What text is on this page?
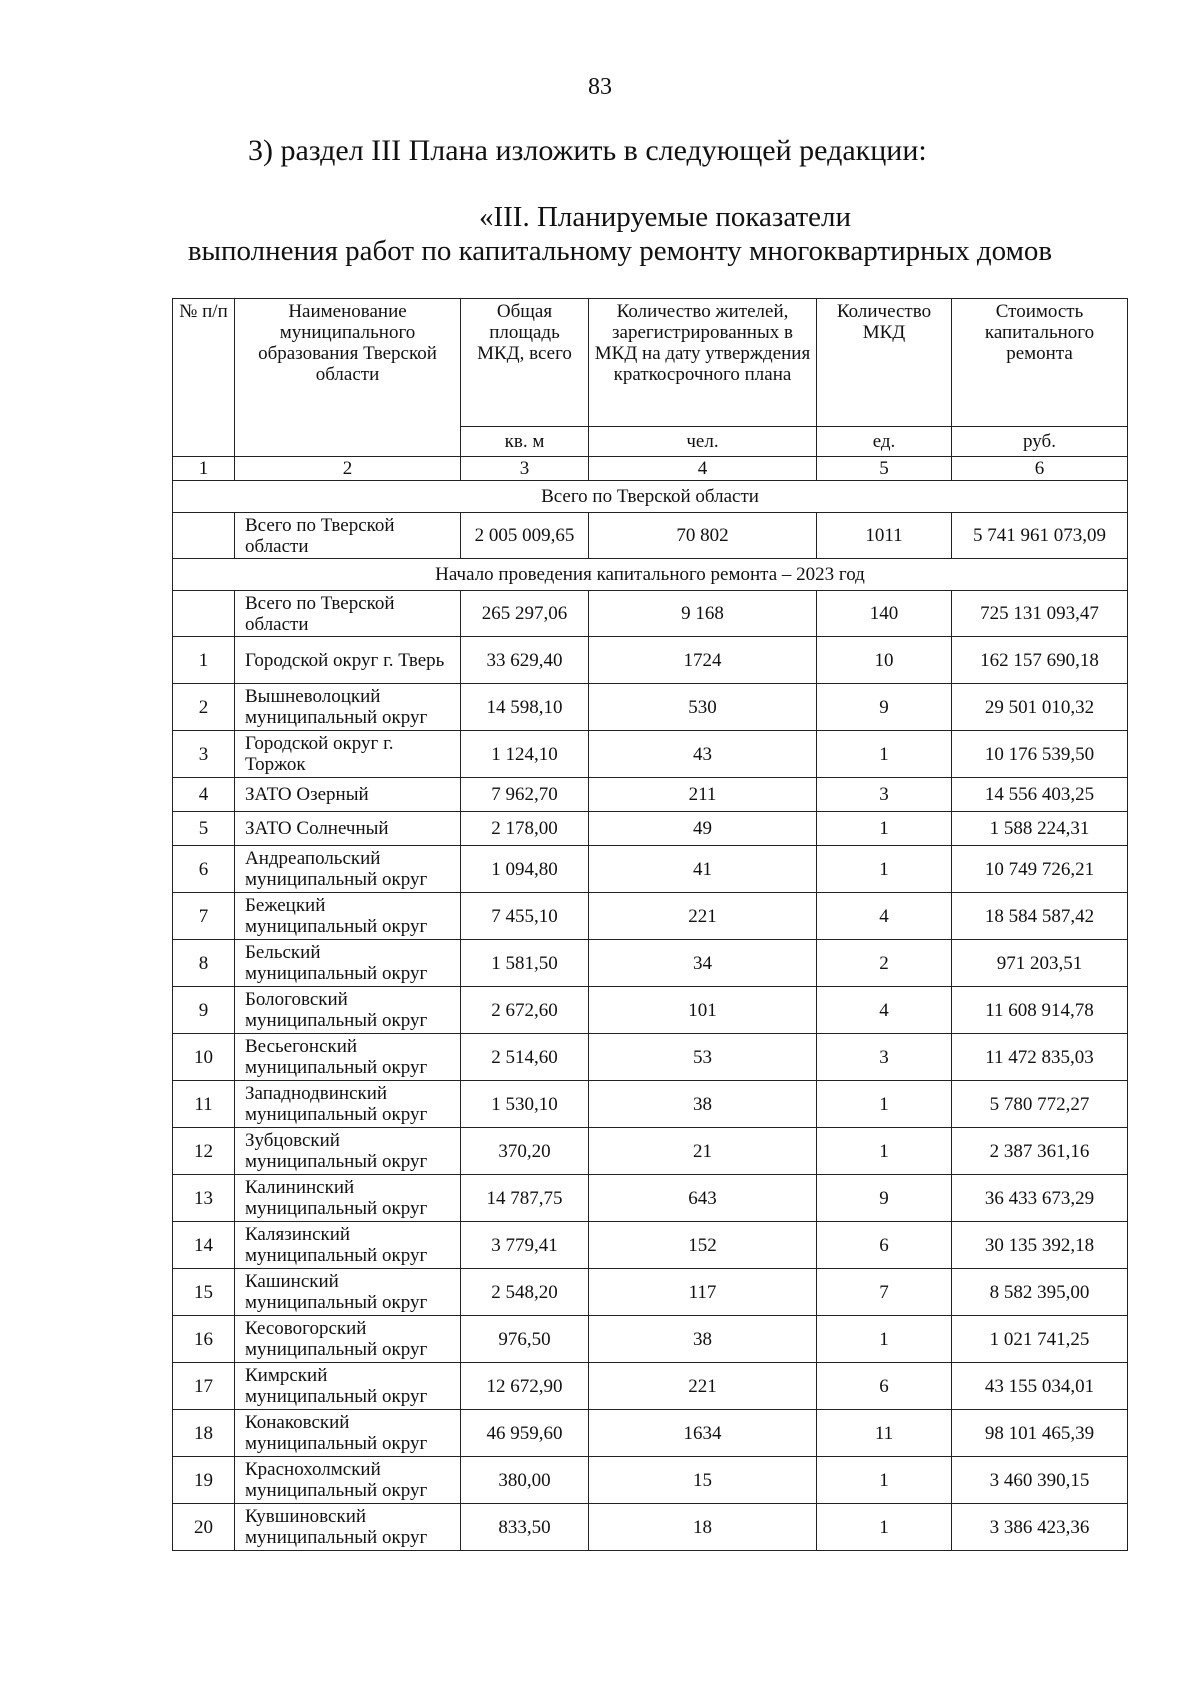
83
3) раздел III Плана изложить в следующей редакции:
«III. Планируемые показатели
выполнения работ по капитальному ремонту многоквартирных домов
№ п/п	Наименование муниципального образования Тверской области	Общая площадь МКД, всего	Количество жителей, зарегистрированных в МКД на дату утверждения краткосрочного плана	Количество МКД	Стоимость капитального ремонта
		кв. м	чел.	ед.	руб.
1	2	3	4	5	6
Всего по Тверской области					
	Всего по Тверской области	2 005 009,65	70 802	1011	5 741 961 073,09
Начало проведения капитального ремонта – 2023 год					
	Всего по Тверской области	265 297,06	9 168	140	725 131 093,47
1	Городской округ г. Тверь	33 629,40	1724	10	162 157 690,18
2	Вышневолоцкий муниципальный округ	14 598,10	530	9	29 501 010,32
3	Городской округ г. Торжок	1 124,10	43	1	10 176 539,50
4	ЗАТО Озерный	7 962,70	211	3	14 556 403,25
5	ЗАТО Солнечный	2 178,00	49	1	1 588 224,31
6	Андреапольский муниципальный округ	1 094,80	41	1	10 749 726,21
7	Бежецкий муниципальный округ	7 455,10	221	4	18 584 587,42
8	Бельский муниципальный округ	1 581,50	34	2	971 203,51
9	Бологовский муниципальный округ	2 672,60	101	4	11 608 914,78
10	Весьегонский муниципальный округ	2 514,60	53	3	11 472 835,03
11	Западнодвинский муниципальный округ	1 530,10	38	1	5 780 772,27
12	Зубцовский муниципальный округ	370,20	21	1	2 387 361,16
13	Калининский муниципальный округ	14 787,75	643	9	36 433 673,29
14	Калязинский муниципальный округ	3 779,41	152	6	30 135 392,18
15	Кашинский муниципальный округ	2 548,20	117	7	8 582 395,00
16	Кесовогорский муниципальный округ	976,50	38	1	1 021 741,25
17	Кимрский муниципальный округ	12 672,90	221	6	43 155 034,01
18	Конаковский муниципальный округ	46 959,60	1634	11	98 101 465,39
19	Краснохолмский муниципальный округ	380,00	15	1	3 460 390,15
20	Кувшиновский муниципальный округ	833,50	18	1	3 386 423,36
